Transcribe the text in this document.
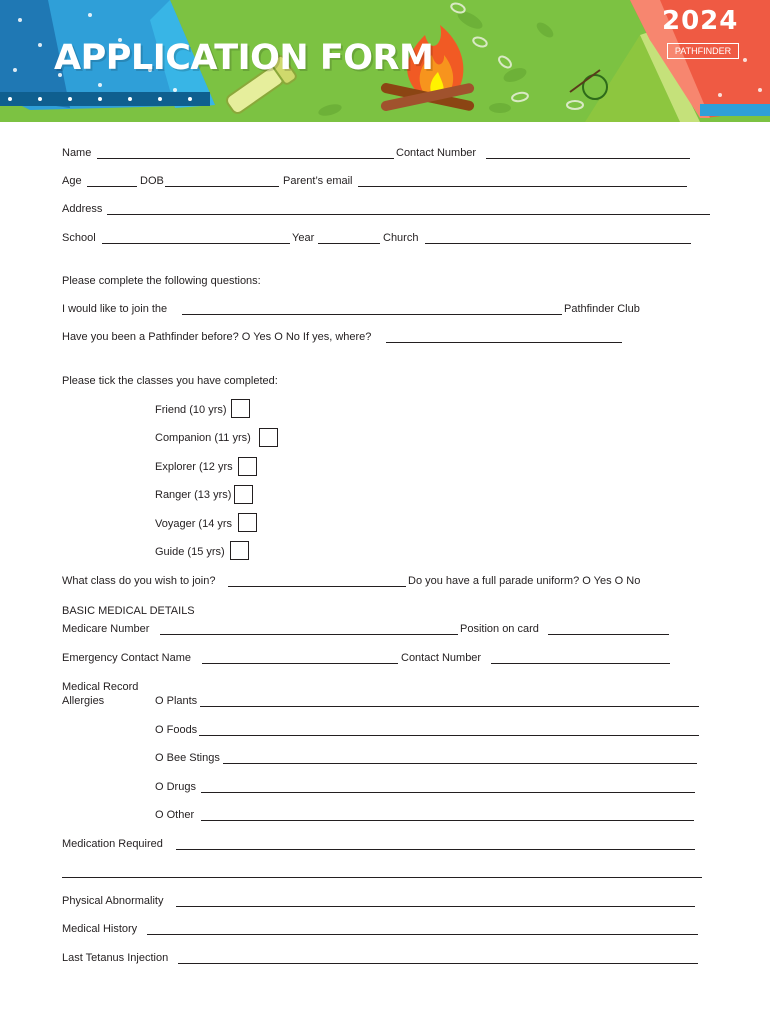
APPLICATION FORM
2024
PATHFINDER
Name	Contact Number
Age	DOB	Parent’s email
Address
School	Year	Church
Please complete the following questions:
I would like to join the	Pathfinder Club
Have you been a Pathfinder before? O Yes O No If yes, where?
Please tick the classes you have completed:
Friend (10 yrs)
Companion (11 yrs)
Explorer (12 yrs
Ranger (13 yrs)
Voyager (14 yrs
Guide (15 yrs)
What class do you wish to join?	Do you have a full parade uniform? O Yes O No
BASIC MEDICAL DETAILS
Medicare Number	Position on card
Emergency Contact Name	Contact Number
Medical Record
Allergies	O Plants
O Foods
O Bee Stings
O Drugs
O Other
Medication Required
Physical Abnormality
Medical History
Last Tetanus Injection
